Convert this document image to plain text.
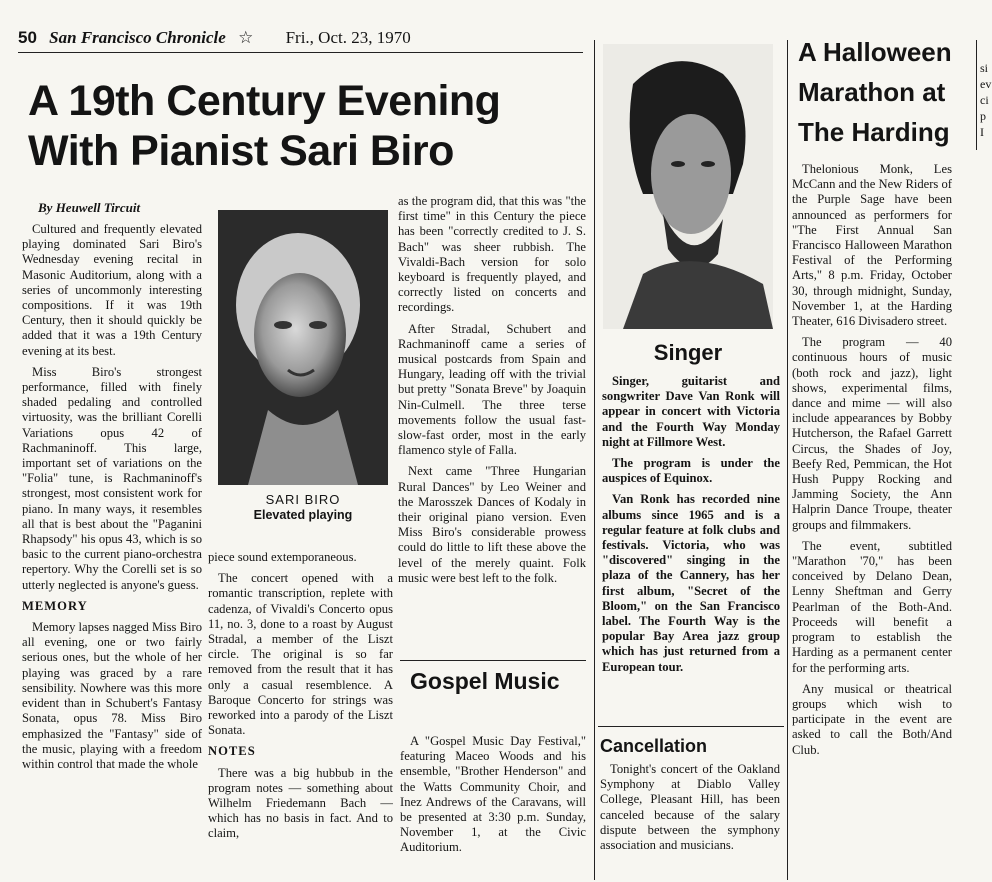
50 San Francisco Chronicle ☆ Fri., Oct. 23, 1970
A 19th Century Evening With Pianist Sari Biro
By Heuwell Tircuit

Cultured and frequently elevated playing dominated Sari Biro's Wednesday evening recital in Masonic Auditorium, along with a series of uncommonly interesting compositions. If it was 19th Century, then it should quickly be added that it was a 19th Century evening at its best.

Miss Biro's strongest performance, filled with finely shaded pedaling and controlled virtuosity, was the brilliant Corelli Variations opus 42 of Rachmaninoff. This large, important set of variations on the "Folia" tune, is Rachmaninoff's strongest, most consistent work for piano. In many ways, it resembles all that is best about the "Paganini Rhapsody" his opus 43, which is so basic to the current piano-orchestra repertory. Why the Corelli set is so utterly neglected is anyone's guess.

MEMORY

Memory lapses nagged Miss Biro all evening, one or two fairly serious ones, but the whole of her playing was graced by a rare sensibility. Nowhere was this more evident than in Schubert's Fantasy Sonata, opus 78. Miss Biro emphasized the "Fantasy" side of the music, playing with a freedom within control that made the whole

SARI BIRO
Elevated playing

piece sound extemporaneous.

The concert opened with a romantic transcription, replete with cadenza, of Vivaldi's Concerto opus 11, no. 3, done to a roast by August Stradal, a member of the Liszt circle. The original is so far removed from the result that it has only a casual resemblence. A Baroque Concerto for strings was reworked into a parody of the Liszt Sonata.

NOTES

There was a big hubbub in the program notes — something about Wilhelm Friedemann Bach — which has no basis in fact. And to claim,

as the program did, that this was "the first time" in this Century the piece has been "correctly credited to J. S. Bach" was sheer rubbish. The Vivaldi-Bach version for solo keyboard is frequently played, and correctly listed on concerts and recordings.

After Stradal, Schubert and Rachmaninoff came a series of musical postcards from Spain and Hungary, leading off with the trivial but pretty "Sonata Breve" by Joaquin Nin-Culmell. The three terse movements follow the usual fast-slow-fast order, most in the early flamenco style of Falla.

Next came "Three Hungarian Rural Dances" by Leo Weiner and the Marosszek Dances of Kodaly in their original piano version. Even Miss Biro's considerable prowess could do little to lift these above the level of the merely quaint. Folk music were best left to the folk.

Gospel Music

A "Gospel Music Day Festival," featuring Maceo Woods and his ensemble, "Brother Henderson" and the Watts Community Choir, and Inez Andrews of the Caravans, will be presented at 3:30 p.m. Sunday, November 1, at the Civic Auditorium.

Singer

Singer, guitarist and songwriter Dave Van Ronk will appear in concert with Victoria and the Fourth Way Monday night at Fillmore West.

The program is under the auspices of Equinox.

Van Ronk has recorded nine albums since 1965 and is a regular feature at folk clubs and festivals. Victoria, who was "discovered" singing in the plaza of the Cannery, has her first album, "Secret of the Bloom," on the San Francisco label. The Fourth Way is the popular Bay Area jazz group which has just returned from a European tour.

Cancellation

Tonight's concert of the Oakland Symphony at Diablo Valley College, Pleasant Hill, has been canceled because of the salary dispute between the symphony association and musicians.

A Halloween Marathon at The Harding

Thelonious Monk, Les McCann and the New Riders of the Purple Sage have been announced as performers for "The First Annual San Francisco Halloween Marathon Festival of the Performing Arts," 8 p.m. Friday, October 30, through midnight, Sunday, November 1, at the Harding Theater, 616 Divisadero street.

The program — 40 continuous hours of music (both rock and jazz), light shows, experimental films, dance and mime — will also include appearances by Bobby Hutcherson, the Rafael Garrett Circus, the Shades of Joy, Beefy Red, Pemmican, the Hot Hush Puppy Rocking and Jamming Society, the Ann Halprin Dance Troupe, theater groups and filmmakers.

The event, subtitled "Marathon '70," has been conceived by Delano Dean, Lenny Sheftman and Gerry Pearlman of the Both-And. Proceeds will benefit a program to establish the Harding as a permanent center for the performing arts.

Any musical or theatrical groups which wish to participate in the event are asked to call the Both/And Club.

si
ev
ci
p
I
